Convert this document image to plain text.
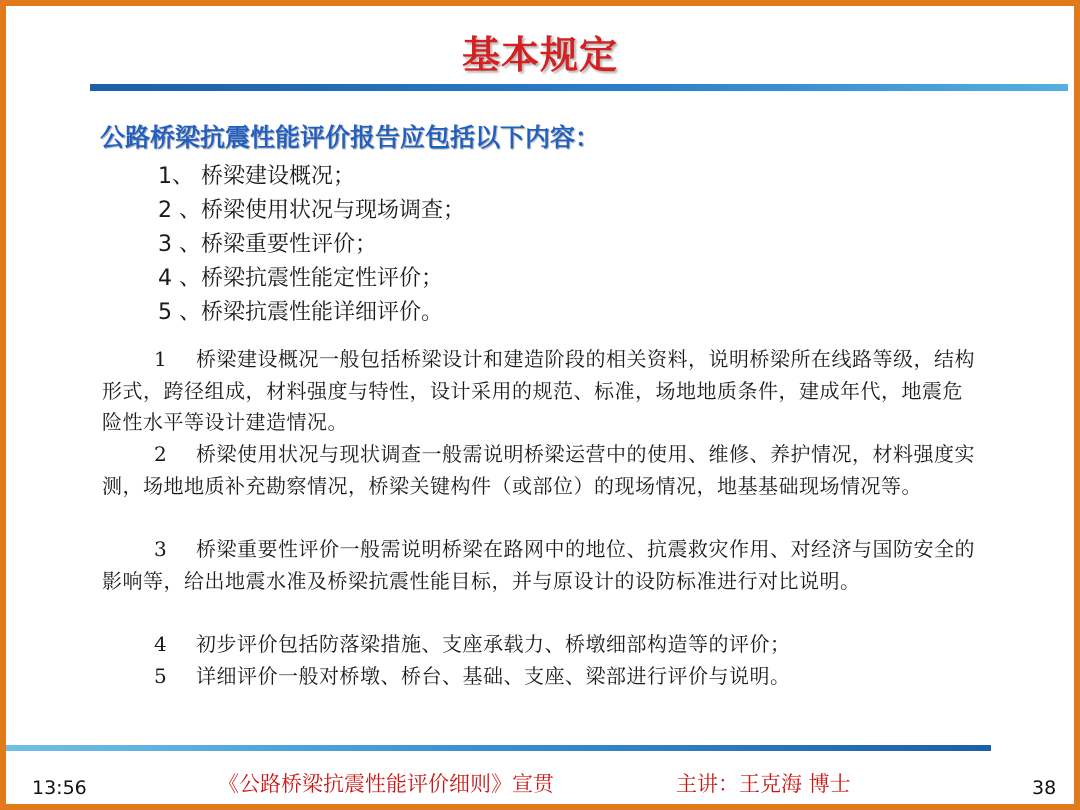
基本规定
公路桥梁抗震性能评价报告应包括以下内容：
1、 桥梁建设概况；
2 、桥梁使用状况与现场调查；
3 、桥梁重要性评价；
4 、桥梁抗震性能定性评价；
5 、桥梁抗震性能详细评价。

1 桥梁建设概况一般包括桥梁设计和建造阶段的相关资料，说明桥梁所在线路等级，结构形式，跨径组成，材料强度与特性，设计采用的规范、标准，场地地质条件，建成年代，地震危险性水平等设计建造情况。

2 桥梁使用状况与现状调查一般需说明桥梁运营中的使用、维修、养护情况，材料强度实测，场地地质补充勘察情况，桥梁关键构件（或部位）的现场情况，地基基础现场情况等。

3 桥梁重要性评价一般需说明桥梁在路网中的地位、抗震救灾作用、对经济与国防安全的影响等，给出地震水准及桥梁抗震性能目标，并与原设计的设防标准进行对比说明。

4 初步评价包括防落梁措施、支座承载力、桥墩细部构造等的评价；

5 详细评价一般对桥墩、桥台、基础、支座、梁部进行评价与说明。

13:56	《公路桥梁抗震性能评价细则》宣贯	主讲：王克海 博士	38
